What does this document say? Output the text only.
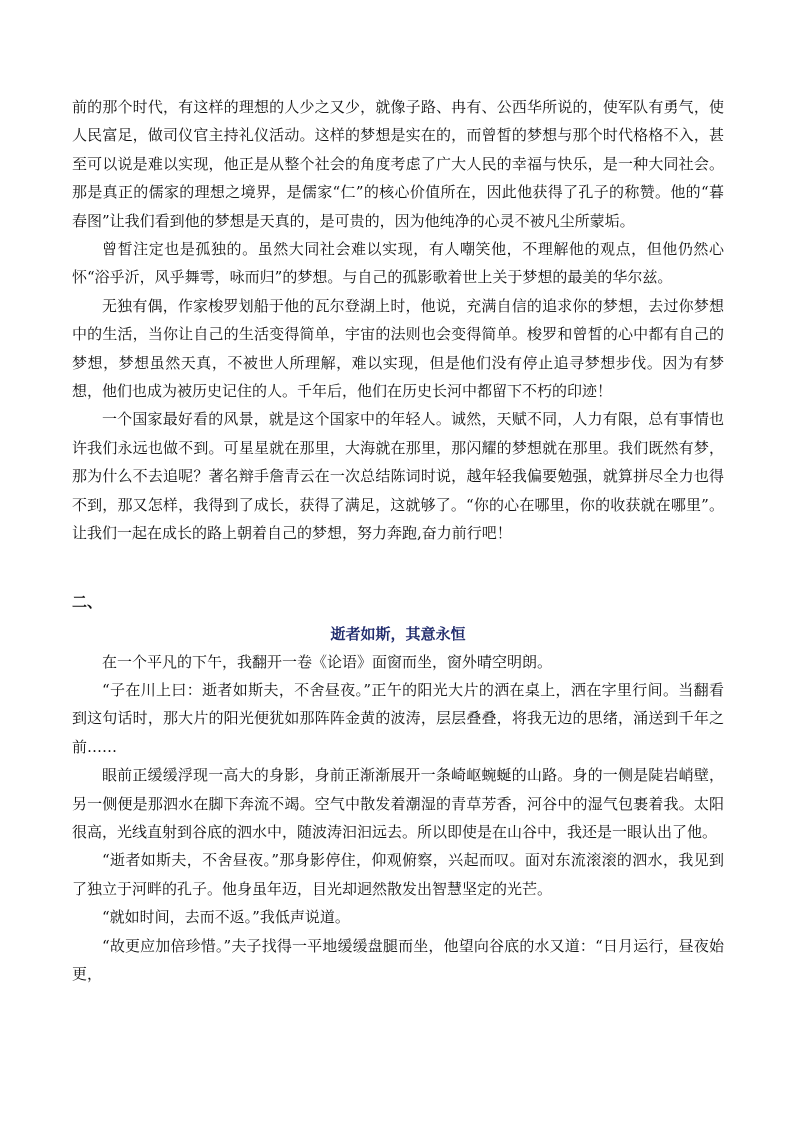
前的那个时代，有这样的理想的人少之又少，就像子路、冉有、公西华所说的，使军队有勇气，使人民富足，做司仪官主持礼仪活动。这样的梦想是实在的，而曾皙的梦想与那个时代格格不入，甚至可以说是难以实现，他正是从整个社会的角度考虑了广大人民的幸福与快乐，是一种大同社会。那是真正的儒家的理想之境界，是儒家“仁”的核心价值所在，因此他获得了孔子的称赞。他的“暮春图”让我们看到他的梦想是天真的，是可贵的，因为他纯净的心灵不被凡尘所蒙垢。

曾皙注定也是孤独的。虽然大同社会难以实现，有人嘲笑他，不理解他的观点，但他仍然心怀“浴乎沂，风乎舞雩，咏而归”的梦想。与自己的孤影歌着世上关于梦想的最美的华尔兹。

无独有偶，作家梭罗划船于他的瓦尔登湖上时，他说，充满自信的追求你的梦想，去过你梦想中的生活，当你让自己的生活变得简单，宇宙的法则也会变得简单。梭罗和曾皙的心中都有自己的梦想，梦想虽然天真，不被世人所理解，难以实现，但是他们没有停止追寻梦想步伐。因为有梦想，他们也成为被历史记住的人。千年后，他们在历史长河中都留下不朽的印迹！

一个国家最好看的风景，就是这个国家中的年轻人。诚然，天赋不同，人力有限，总有事情也许我们永远也做不到。可星星就在那里，大海就在那里，那闪耀的梦想就在那里。我们既然有梦，那为什么不去追呢？著名辩手詹青云在一次总结陈词时说，越年轻我偏要勉强，就算拼尽全力也得不到，那又怎样，我得到了成长，获得了满足，这就够了。“你的心在哪里，你的收获就在哪里”。让我们一起在成长的路上朝着自己的梦想，努力奔跑,奋力前行吧！

二、

逝者如斯，其意永恒

在一个平凡的下午，我翻开一卷《论语》面窗而坐，窗外晴空明朗。

“子在川上曰：逝者如斯夫，不舍昼夜。”正午的阳光大片的洒在桌上，洒在字里行间。当翻看到这句话时，那大片的阳光便犹如那阵阵金黄的波涛，层层叠叠，将我无边的思绪，涌送到千年之前……

眼前正缓缓浮现一高大的身影，身前正渐渐展开一条崎岖蜿蜒的山路。身的一侧是陡岩峭壁，另一侧便是那泗水在脚下奔流不竭。空气中散发着潮湿的青草芳香，河谷中的湿气包裹着我。太阳很高，光线直射到谷底的泗水中，随波涛汩汩远去。所以即使是在山谷中，我还是一眼认出了他。

“逝者如斯夫，不舍昼夜。”那身影停住，仰观俯察，兴起而叹。面对东流滚滚的泗水，我见到了独立于河畔的孔子。他身虽年迈，目光却迥然散发出智慧坚定的光芒。

“就如时间，去而不返。”我低声说道。

“故更应加倍珍惜。”夫子找得一平地缓缓盘腿而坐，他望向谷底的水又道：“日月运行，昼夜始更，
